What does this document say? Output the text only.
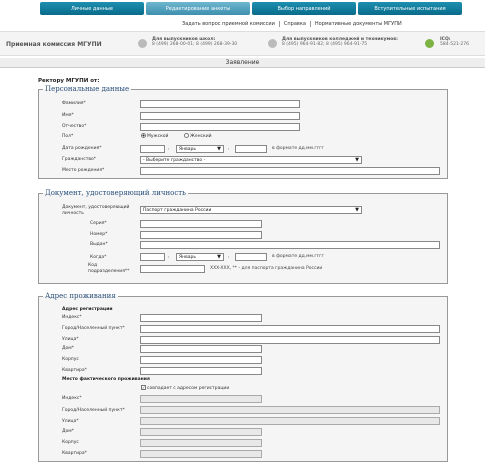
Личные данные	Редактирование анкеты	Выбор направлений	Вступительные испытания
Задать вопрос приемной комиссии	Справка	Нормативные документы МГУПИ
Приемная комиссия МГУПИ
Для выпускников школ:
8 (499) 268-00-01; 8 (499) 268-39-30
Для выпускников колледжей и техникумов:
8 (495) 964-91-82; 8 (495) 964-91-75
ICQ:
584-521-276
Заявление
Ректору МГУПИ от:
Персональные данные
Фамилия*
Имя*
Отчество*
Пол*	Мужской	Женский
Дата рождения*	,	Январь	▼ ,	в формате дд.мм.гггг
Гражданство*	- Выберите гражданство -	▼
Место рождения*
Документ, удостоверяющий личность
Документ, удостоверяющий личность
Паспорт гражданина России	▼
Серия*
Номер*
Выдан*
Когда*	,	Январь	▼ ,	в формате дд.мм.гггг
Код подразделения**
XXX-XXX, ** - для паспорта гражданина России
Адрес проживания
Адрес регистрации
Индекс*
Город/Населенный пункт*
Улица*
Дом*
Корпус
Квартира*
Место фактического проживания
✓ совпадает с адресом регистрации
Индекс*
Город/Населенный пункт*
Улица*
Дом*
Корпус
Квартира*
